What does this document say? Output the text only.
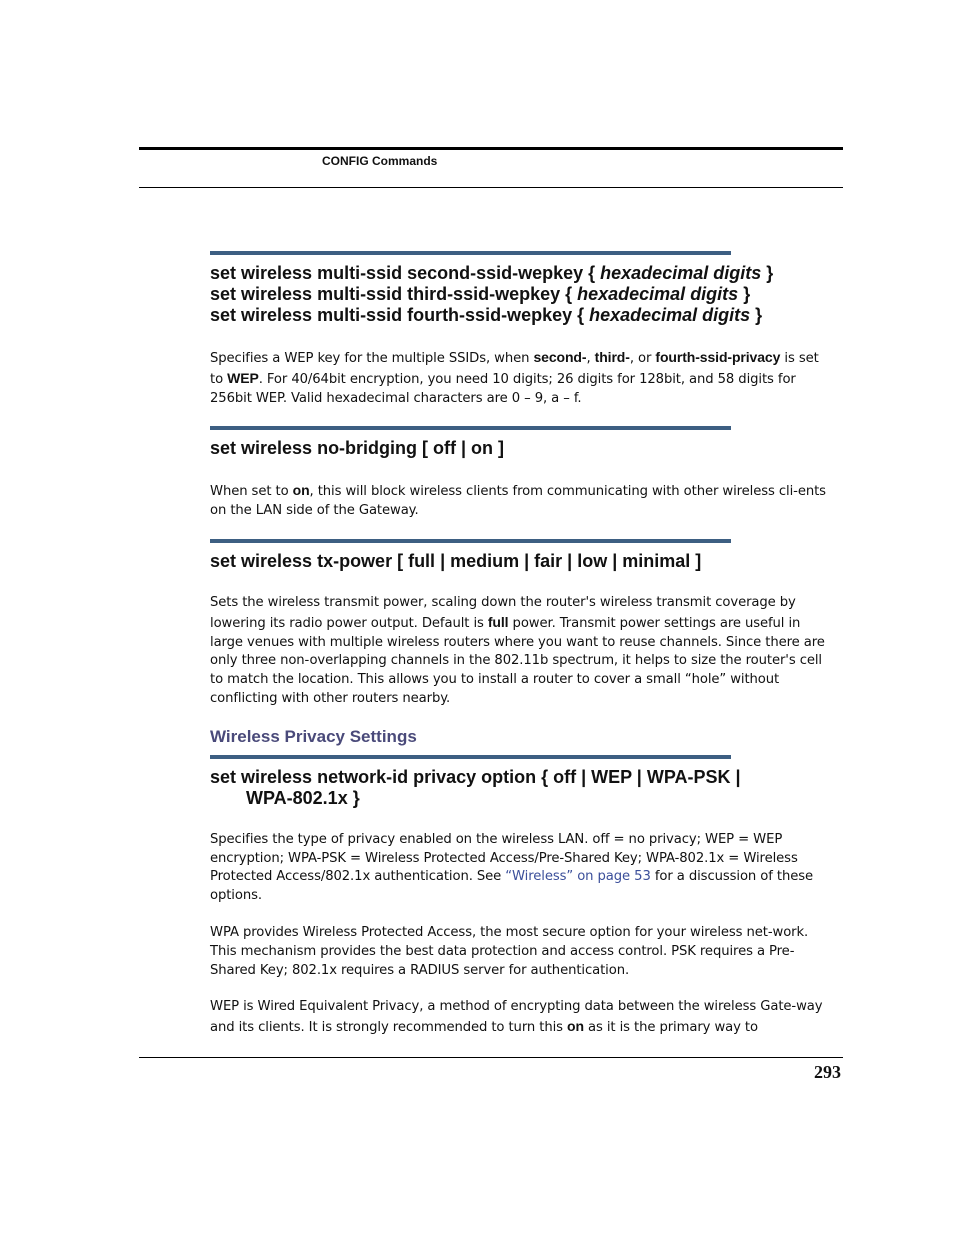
CONFIG Commands
set wireless multi-ssid second-ssid-wepkey { hexadecimal digits }
set wireless multi-ssid third-ssid-wepkey { hexadecimal digits }
set wireless multi-ssid fourth-ssid-wepkey { hexadecimal digits }

Specifies a WEP key for the multiple SSIDs, when second-, third-, or fourth-ssid-privacy is set to WEP. For 40/64bit encryption, you need 10 digits; 26 digits for 128bit, and 58 digits for 256bit WEP. Valid hexadecimal characters are 0 – 9, a – f.

set wireless no-bridging [ off | on ]

When set to on, this will block wireless clients from communicating with other wireless cli-ents on the LAN side of the Gateway.

set wireless tx-power [ full | medium | fair | low | minimal ]

Sets the wireless transmit power, scaling down the router's wireless transmit coverage by lowering its radio power output. Default is full power. Transmit power settings are useful in large venues with multiple wireless routers where you want to reuse channels. Since there are only three non-overlapping channels in the 802.11b spectrum, it helps to size the router's cell to match the location. This allows you to install a router to cover a small “hole” without conflicting with other routers nearby.

Wireless Privacy Settings
set wireless network-id privacy option { off | WEP | WPA-PSK |
WPA-802.1x }

Specifies the type of privacy enabled on the wireless LAN. off = no privacy; WEP = WEP encryption; WPA-PSK = Wireless Protected Access/Pre-Shared Key; WPA-802.1x = Wireless Protected Access/802.1x authentication. See “Wireless” on page 53 for a discussion of these options.

WPA provides Wireless Protected Access, the most secure option for your wireless net-work. This mechanism provides the best data protection and access control. PSK requires a Pre-Shared Key; 802.1x requires a RADIUS server for authentication.

WEP is Wired Equivalent Privacy, a method of encrypting data between the wireless Gate-way and its clients. It is strongly recommended to turn this on as it is the primary way to

293
